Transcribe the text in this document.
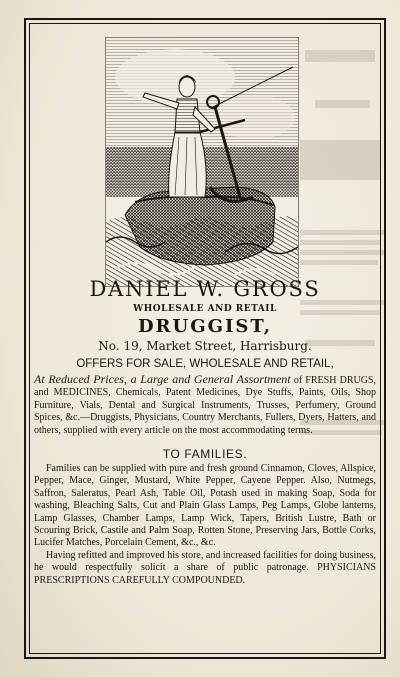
DANIEL W. GROSS
WHOLESALE AND RETAIL
DRUGGIST,
No. 19, Market Street, Harrisburg.
OFFERS FOR SALE, WHOLESALE AND RETAIL,

At Reduced Prices, a Large and General Assortment of FRESH DRUGS, and MEDICINES, Chemicals, Patent Medicines, Dye Stuffs, Paints, Oils, Shop Furniture, Vials, Dental and Surgical Instruments, Trusses, Perfumery, Ground Spices, &c.—Druggists, Physicians, Country Merchants, Fullers, Dyers, Hatters, and others, supplied with every article on the most accommodating terms.

TO FAMILIES.

Families can be supplied with pure and fresh ground Cinnamon, Cloves, Allspice, Pepper, Mace, Ginger, Mustard, White Pepper, Cayene Pepper. Also, Nutmegs, Saffron, Saleratus, Pearl Ash, Table Oil, Potash used in making Soap, Soda for washing, Bleaching Salts, Cut and Plain Glass Lamps, Peg Lamps, Globe lanterns, Lamp Glasses, Chamber Lamps, Lamp Wick, Tapers, British Lustre, Bath or Scouring Brick, Castile and Palm Soap, Rotten Stone, Preserving Jars, Bottle Corks, Lucifer Matches, Porcelain Cement, &c., &c.

Having refitted and improved his store, and increased facilities for doing business, he would respectfully solicit a share of public patronage. PHYSICIANS PRESCRIPTIONS CAREFULLY COMPOUNDED.
